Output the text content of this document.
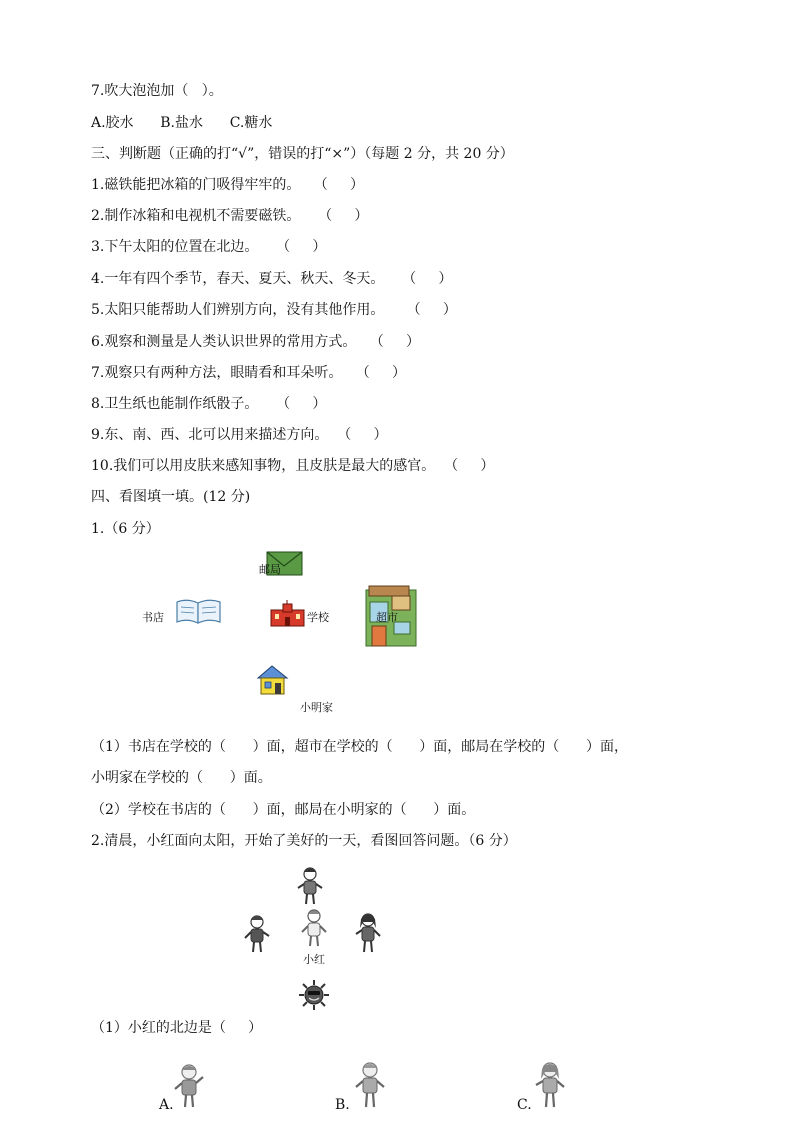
7.吹大泡泡加（   ）。
A.胶水      B.盐水      C.糖水
三、判断题（正确的打“√”，错误的打“×”）（每题 2 分，共 20 分）
1.磁铁能把冰箱的门吸得牢牢的。   （     ）
2.制作冰箱和电视机不需要磁铁。    （     ）
3.下午太阳的位置在北边。    （     ）
4.一年有四个季节，春天、夏天、秋天、冬天。    （     ）
5.太阳只能帮助人们辨别方向，没有其他作用。     （     ）
6.观察和测量是人类认识世界的常用方式。   （     ）
7.观察只有两种方法，眼睛看和耳朵听。   （     ）
8.卫生纸也能制作纸骰子。    （     ）
9.东、南、西、北可以用来描述方向。  （     ）
10.我们可以用皮肤来感知事物，且皮肤是最大的感官。  （     ）
四、看图填一填。(12 分)
1.（6 分）
邮局
书店	学校	超市
小明家
（1）书店在学校的（      ）面，超市在学校的（      ）面，邮局在学校的（      ）面，
小明家在学校的（      ）面。
（2）学校在书店的（      ）面，邮局在小明家的（      ）面。
2.清晨，小红面向太阳，开始了美好的一天，看图回答问题。（6 分）
小红
（1）小红的北边是（     ）
A.	B.	C.
